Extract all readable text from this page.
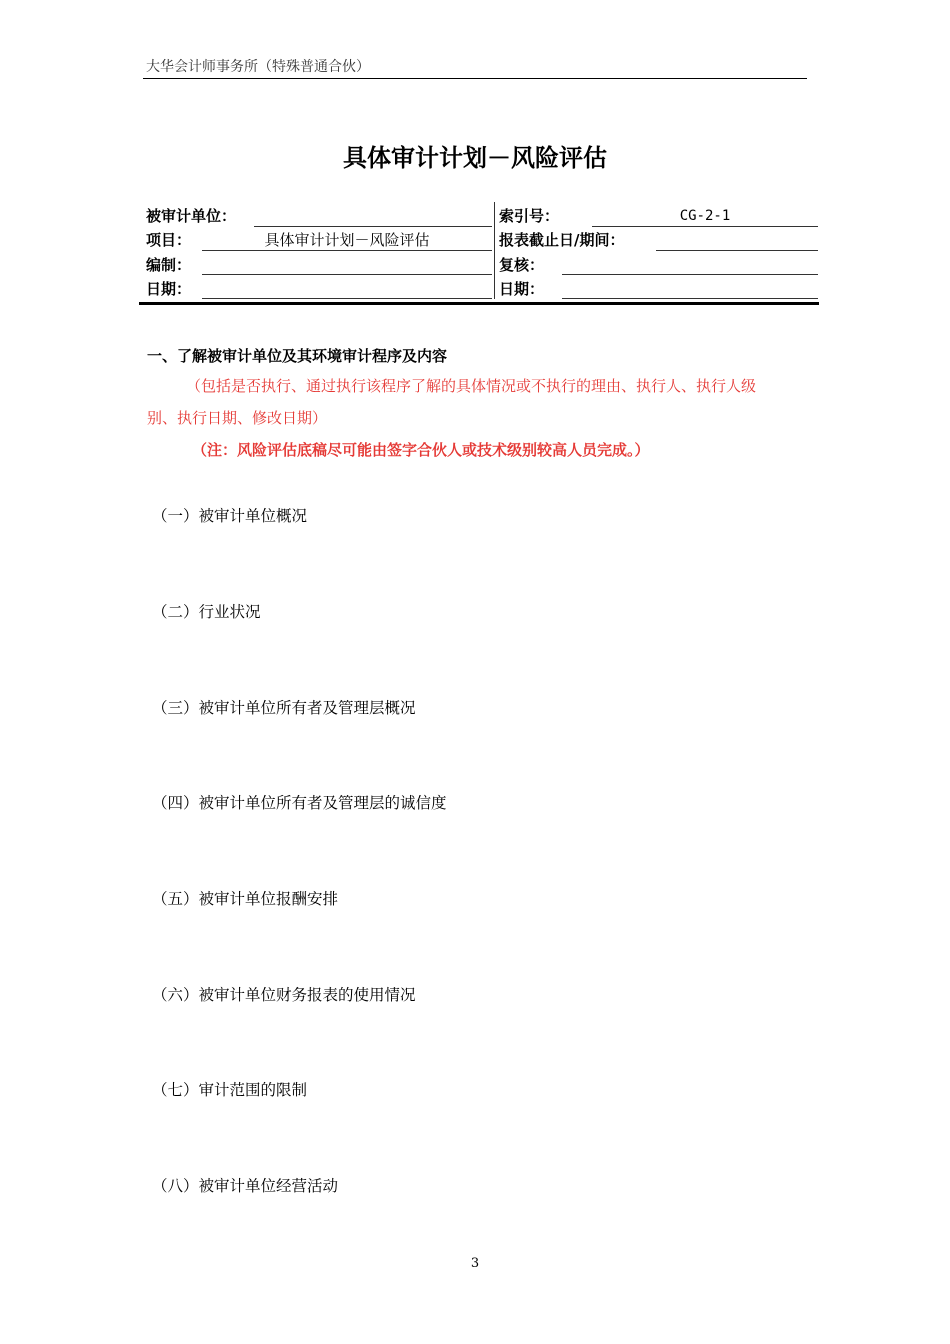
大华会计师事务所（特殊普通合伙）
具体审计计划－风险评估
被审计单位：	索引号：	CG-2-1
项目：	具体审计计划－风险评估	报表截止日/期间：
编制：	复核：
日期：	日期：
一、了解被审计单位及其环境审计程序及内容
（包括是否执行、通过执行该程序了解的具体情况或不执行的理由、执行人、执行人级
别、执行日期、修改日期）
（注：风险评估底稿尽可能由签字合伙人或技术级别较高人员完成。）
（一）被审计单位概况
（二）行业状况
（三）被审计单位所有者及管理层概况
（四）被审计单位所有者及管理层的诚信度
（五）被审计单位报酬安排
（六）被审计单位财务报表的使用情况
（七）审计范围的限制
（八）被审计单位经营活动
3
